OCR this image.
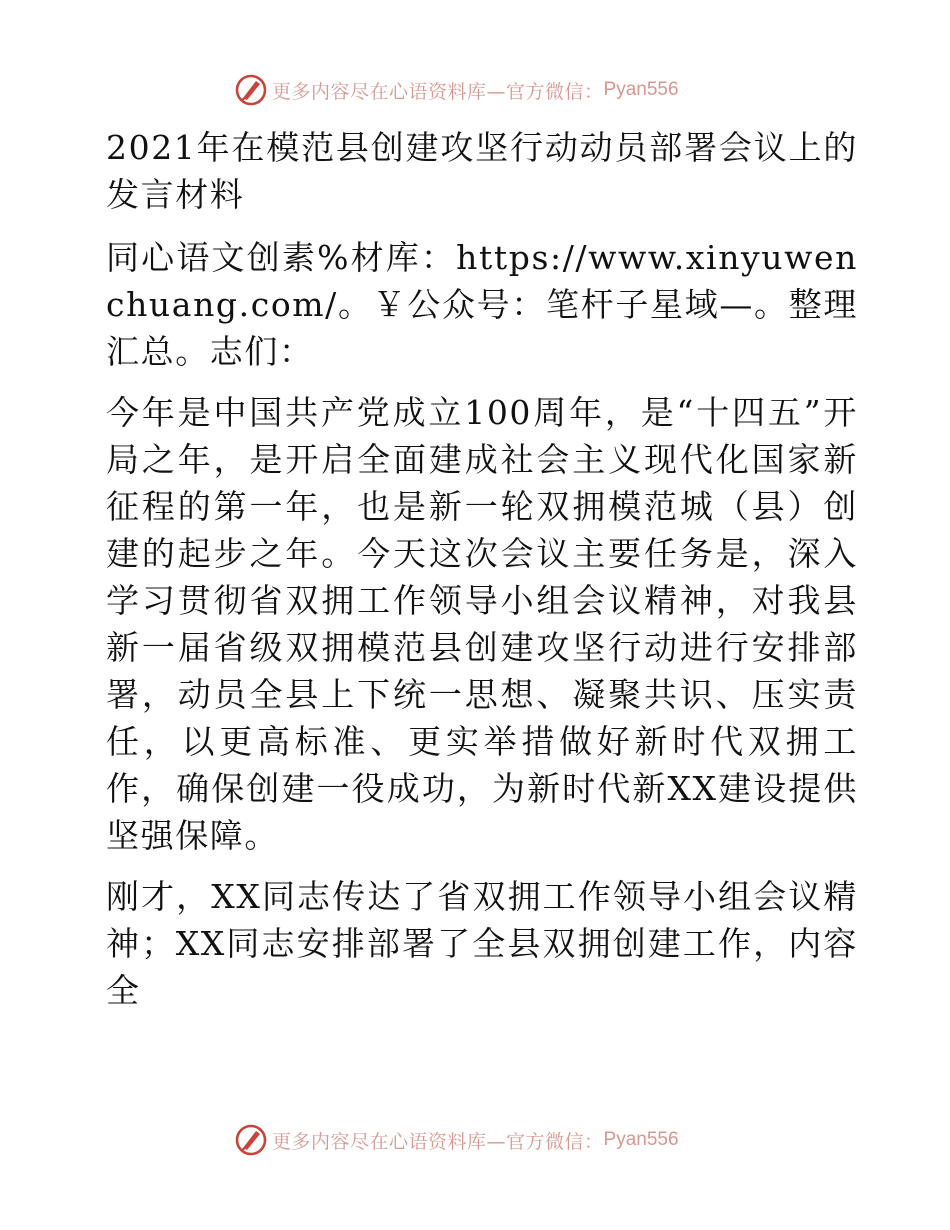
更多内容尽在心语资料库—官方微信： Pyan556
2021年在模范县创建攻坚行动动员部署会议上的发言材料
同心语文创素%材库：https://www.xinyuwenchuang.com/。￥公众号：笔杆子星域—。整理汇总。志们：
今年是中国共产党成立100周年，是“十四五”开局之年，是开启全面建成社会主义现代化国家新征程的第一年，也是新一轮双拥模范城（县）创建的起步之年。今天这次会议主要任务是，深入学习贯彻省双拥工作领导小组会议精神，对我县新一届省级双拥模范县创建攻坚行动进行安排部署，动员全县上下统一思想、凝聚共识、压实责任，以更高标准、更实举措做好新时代双拥工作，确保创建一役成功，为新时代新XX建设提供坚强保障。
刚才，XX同志传达了省双拥工作领导小组会议精神；XX同志安排部署了全县双拥创建工作，内容全
更多内容尽在心语资料库—官方微信： Pyan556
